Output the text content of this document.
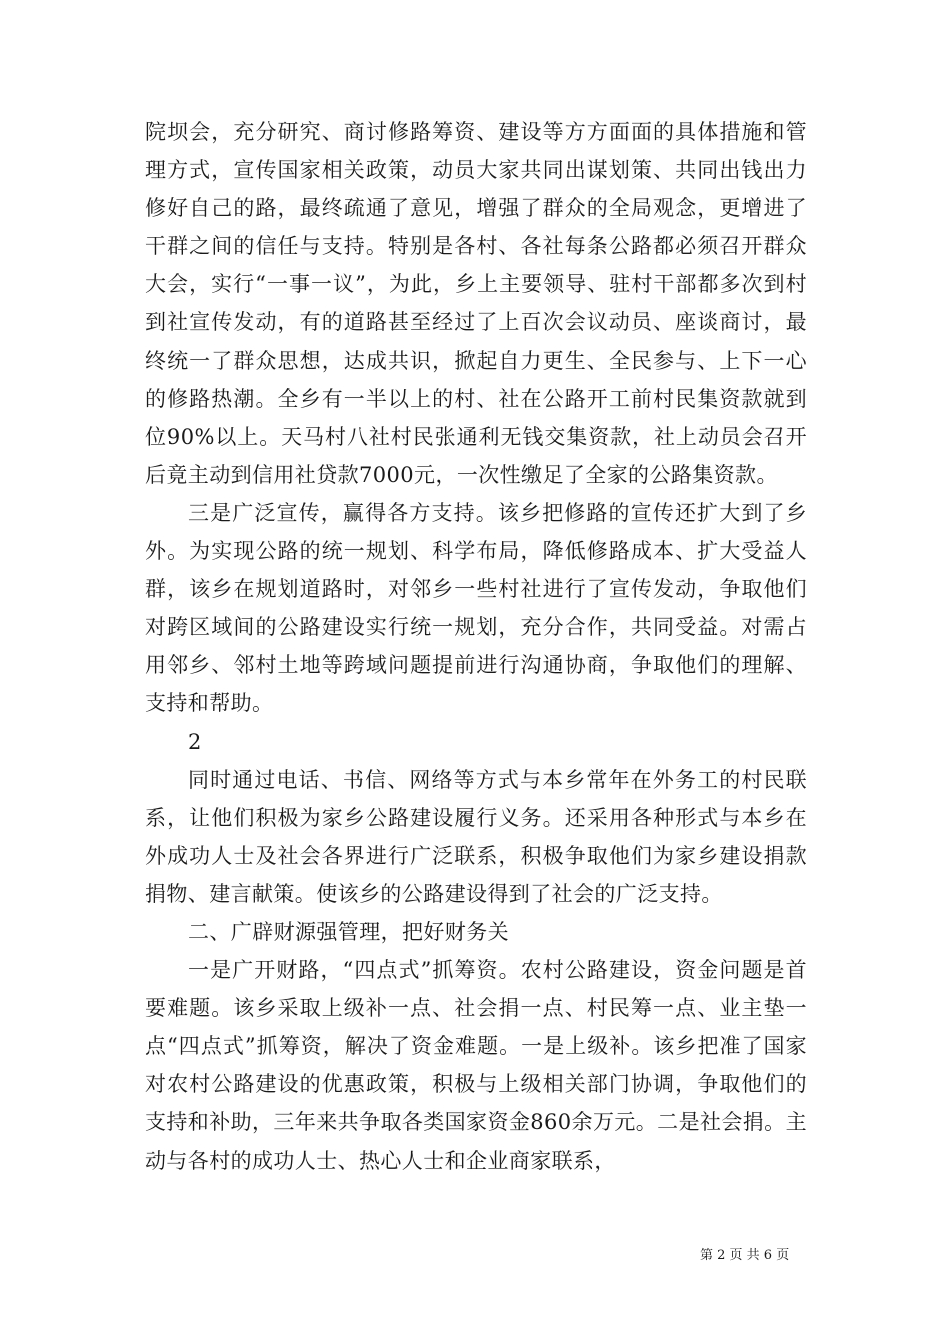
院坝会，充分研究、商讨修路筹资、建设等方方面面的具体措施和管理方式，宣传国家相关政策，动员大家共同出谋划策、共同出钱出力修好自己的路，最终疏通了意见，增强了群众的全局观念，更增进了干群之间的信任与支持。特别是各村、各社每条公路都必须召开群众大会，实行“一事一议”，为此，乡上主要领导、驻村干部都多次到村到社宣传发动，有的道路甚至经过了上百次会议动员、座谈商讨，最终统一了群众思想，达成共识，掀起自力更生、全民参与、上下一心的修路热潮。全乡有一半以上的村、社在公路开工前村民集资款就到位90%以上。天马村八社村民张通利无钱交集资款，社上动员会召开后竟主动到信用社贷款7000元，一次性缴足了全家的公路集资款。

三是广泛宣传，赢得各方支持。该乡把修路的宣传还扩大到了乡外。为实现公路的统一规划、科学布局，降低修路成本、扩大受益人群，该乡在规划道路时，对邻乡一些村社进行了宣传发动，争取他们对跨区域间的公路建设实行统一规划，充分合作，共同受益。对需占用邻乡、邻村土地等跨域问题提前进行沟通协商，争取他们的理解、支持和帮助。

2

同时通过电话、书信、网络等方式与本乡常年在外务工的村民联系，让他们积极为家乡公路建设履行义务。还采用各种形式与本乡在外成功人士及社会各界进行广泛联系，积极争取他们为家乡建设捐款捐物、建言献策。使该乡的公路建设得到了社会的广泛支持。

二、广辟财源强管理，把好财务关

一是广开财路，“四点式”抓筹资。农村公路建设，资金问题是首要难题。该乡采取上级补一点、社会捐一点、村民筹一点、业主垫一点“四点式”抓筹资，解决了资金难题。一是上级补。该乡把准了国家对农村公路建设的优惠政策，积极与上级相关部门协调，争取他们的支持和补助，三年来共争取各类国家资金860余万元。二是社会捐。主动与各村的成功人士、热心人士和企业商家联系，

第 2 页 共 6 页
